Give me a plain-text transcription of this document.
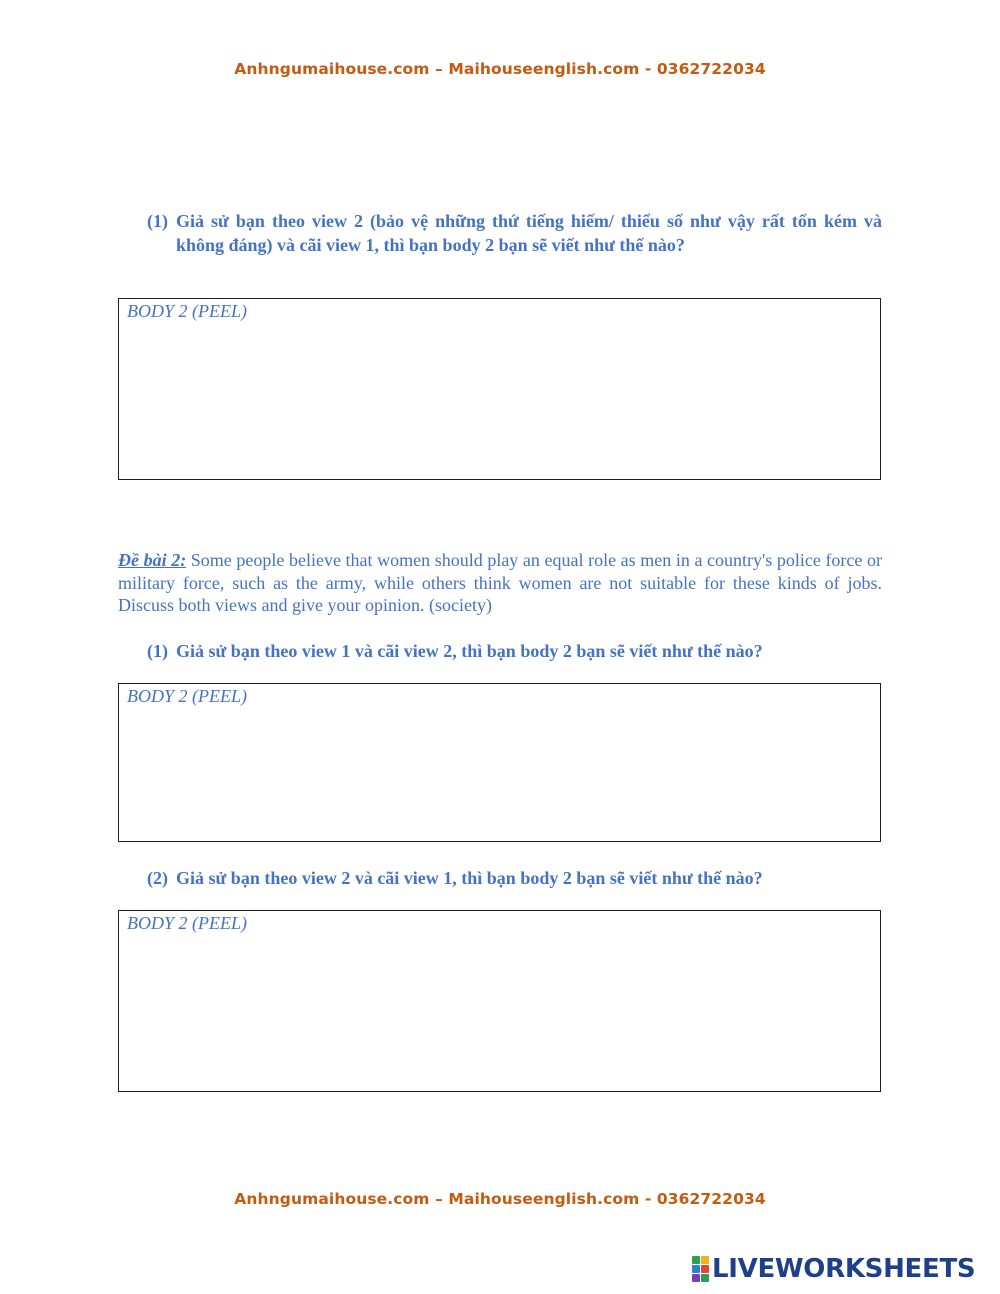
Anhngumaihouse.com – Maihouseenglish.com - 0362722034
(1) Giả sử bạn theo view 2 (bảo vệ những thứ tiếng hiếm/ thiểu số như vậy rất tốn kém và không đáng) và cãi view 1, thì bạn body 2 bạn sẽ viết như thế nào?
BODY 2 (PEEL)
Đề bài 2: Some people believe that women should play an equal role as men in a country's police force or military force, such as the army, while others think women are not suitable for these kinds of jobs. Discuss both views and give your opinion. (society)
(1) Giả sử bạn theo view 1 và cãi view 2, thì bạn body 2 bạn sẽ viết như thế nào?
BODY 2 (PEEL)
(2) Giả sử bạn theo view 2 và cãi view 1, thì bạn body 2 bạn sẽ viết như thế nào?
BODY 2 (PEEL)
Anhngumaihouse.com – Maihouseenglish.com - 0362722034
LIVEWORKSHEETS
